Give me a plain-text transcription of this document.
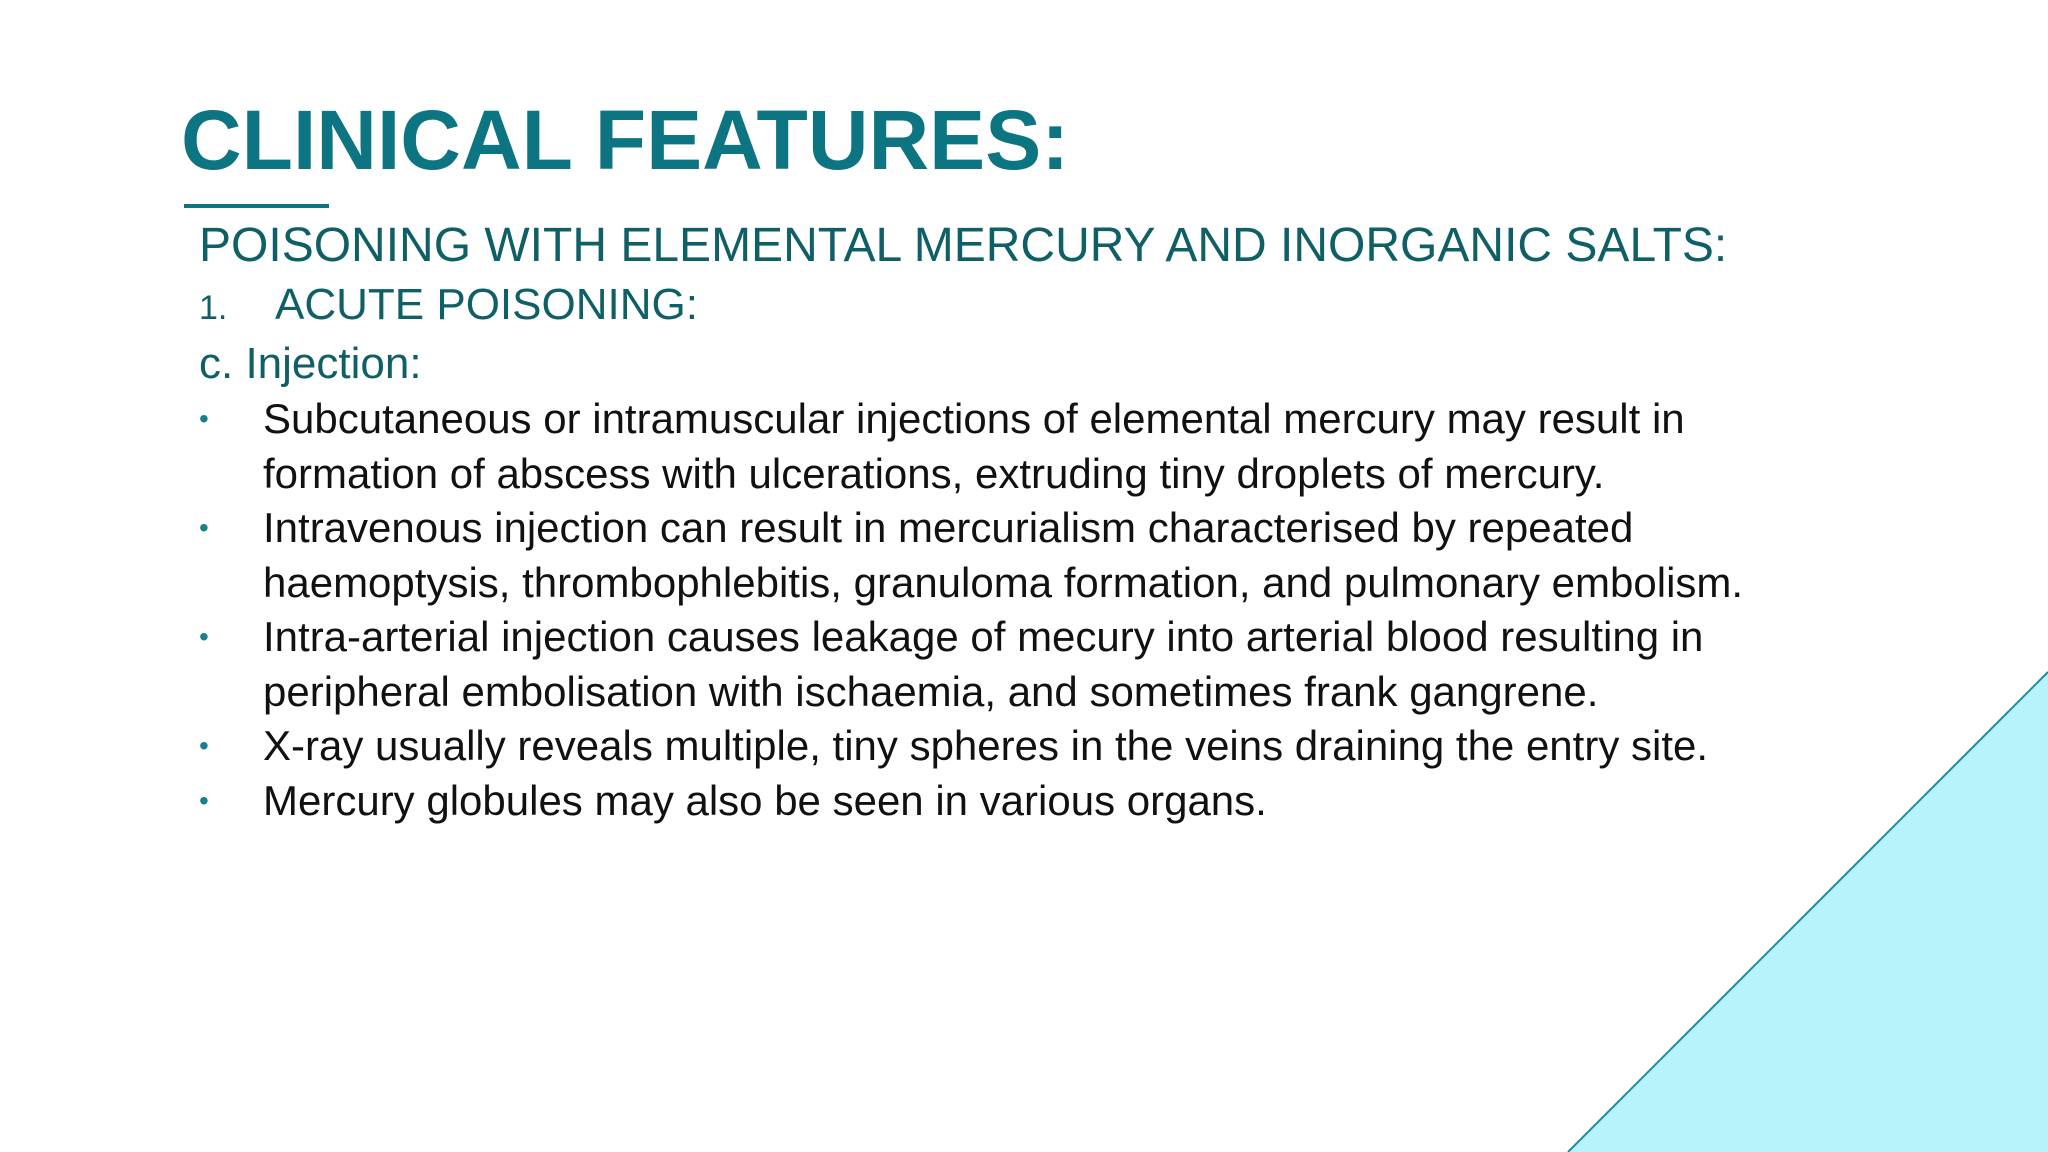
CLINICAL FEATURES:

POISONING WITH ELEMENTAL MERCURY AND INORGANIC SALTS:

1.	ACUTE POISONING:
c. Injection:
•	Subcutaneous or intramuscular injections of elemental mercury may result in formation of abscess with ulcerations, extruding tiny droplets of mercury.
•	Intravenous injection can result in mercurialism characterised by repeated haemoptysis, thrombophlebitis, granuloma formation, and pulmonary embolism.
•	Intra-arterial injection causes leakage of mecury into arterial blood resulting in peripheral embolisation with ischaemia, and sometimes frank gangrene.
•	X-ray usually reveals multiple, tiny spheres in the veins draining the entry site.
•	Mercury globules may also be seen in various organs.
